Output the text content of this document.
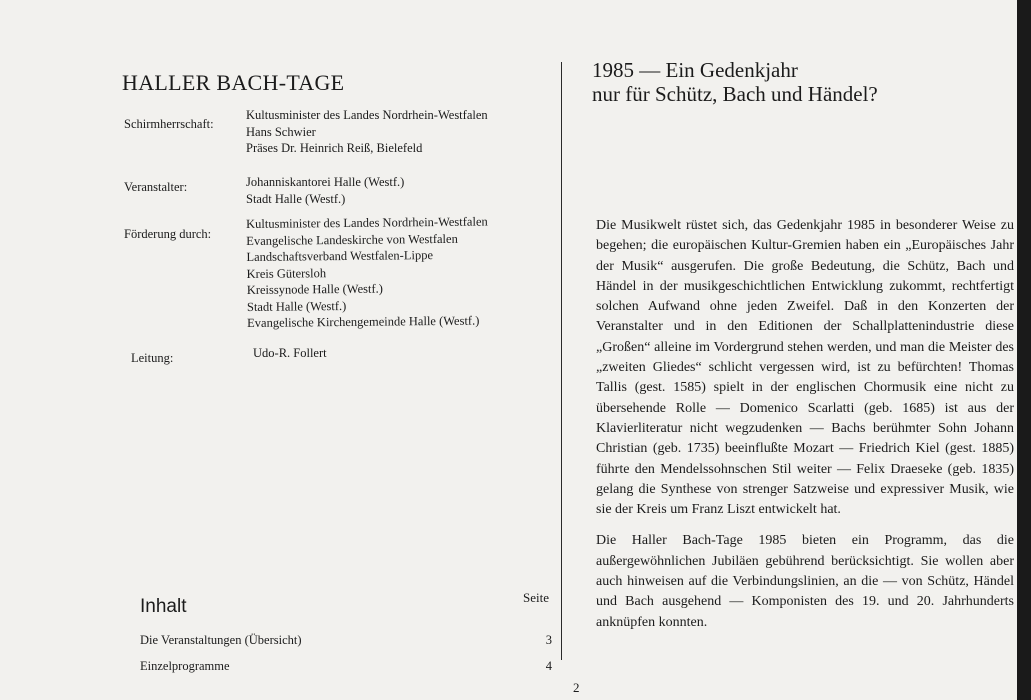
HALLER BACH-TAGE
Schirmherrschaft:
Kultusminister des Landes Nordrhein-Westfalen
Hans Schwier
Präses Dr. Heinrich Reiß, Bielefeld
Veranstalter:	Johanniskantorei Halle (Westf.)
Stadt Halle (Westf.)
Förderung durch:
Kultusminister des Landes Nordrhein-Westfalen
Evangelische Landeskirche von Westfalen
Landschaftsverband Westfalen-Lippe
Kreis Gütersloh
Kreissynode Halle (Westf.)
Stadt Halle (Westf.)
Evangelische Kirchengemeinde Halle (Westf.)
Leitung:	Udo-R. Follert
Inhalt	Seite
Die Veranstaltungen (Übersicht)	3
Einzelprogramme	4
2
1985 — Ein Gedenkjahr
nur für Schütz, Bach und Händel?

Die Musikwelt rüstet sich, das Gedenkjahr 1985 in besonderer Weise zu begehen; die europäischen Kultur-Gremien haben ein „Europäisches Jahr der Musik“ ausgerufen. Die große Bedeutung, die Schütz, Bach und Händel in der musikgeschichtlichen Entwicklung zukommt, rechtfertigt solchen Aufwand ohne jeden Zweifel. Daß in den Konzerten der Veranstalter und in den Editionen der Schallplattenindustrie diese „Großen“ alleine im Vordergrund stehen werden, und man die Meister des „zweiten Gliedes“ schlicht vergessen wird, ist zu befürchten! Thomas Tallis (gest. 1585) spielt in der englischen Chormusik eine nicht zu übersehende Rolle — Domenico Scarlatti (geb. 1685) ist aus der Klavierliteratur nicht wegzudenken — Bachs berühmter Sohn Johann Christian (geb. 1735) beeinflußte Mozart — Friedrich Kiel (gest. 1885) führte den Mendelssohnschen Stil weiter — Felix Draeseke (geb. 1835) gelang die Synthese von strenger Satzweise und expressiver Musik, wie sie der Kreis um Franz Liszt entwickelt hat.

Die Haller Bach-Tage 1985 bieten ein Programm, das die außergewöhnlichen Jubiläen gebührend berücksichtigt. Sie wollen aber auch hinweisen auf die Verbindungslinien, an die — von Schütz, Händel und Bach ausgehend — Komponisten des 19. und 20. Jahrhunderts anknüpfen konnten.
